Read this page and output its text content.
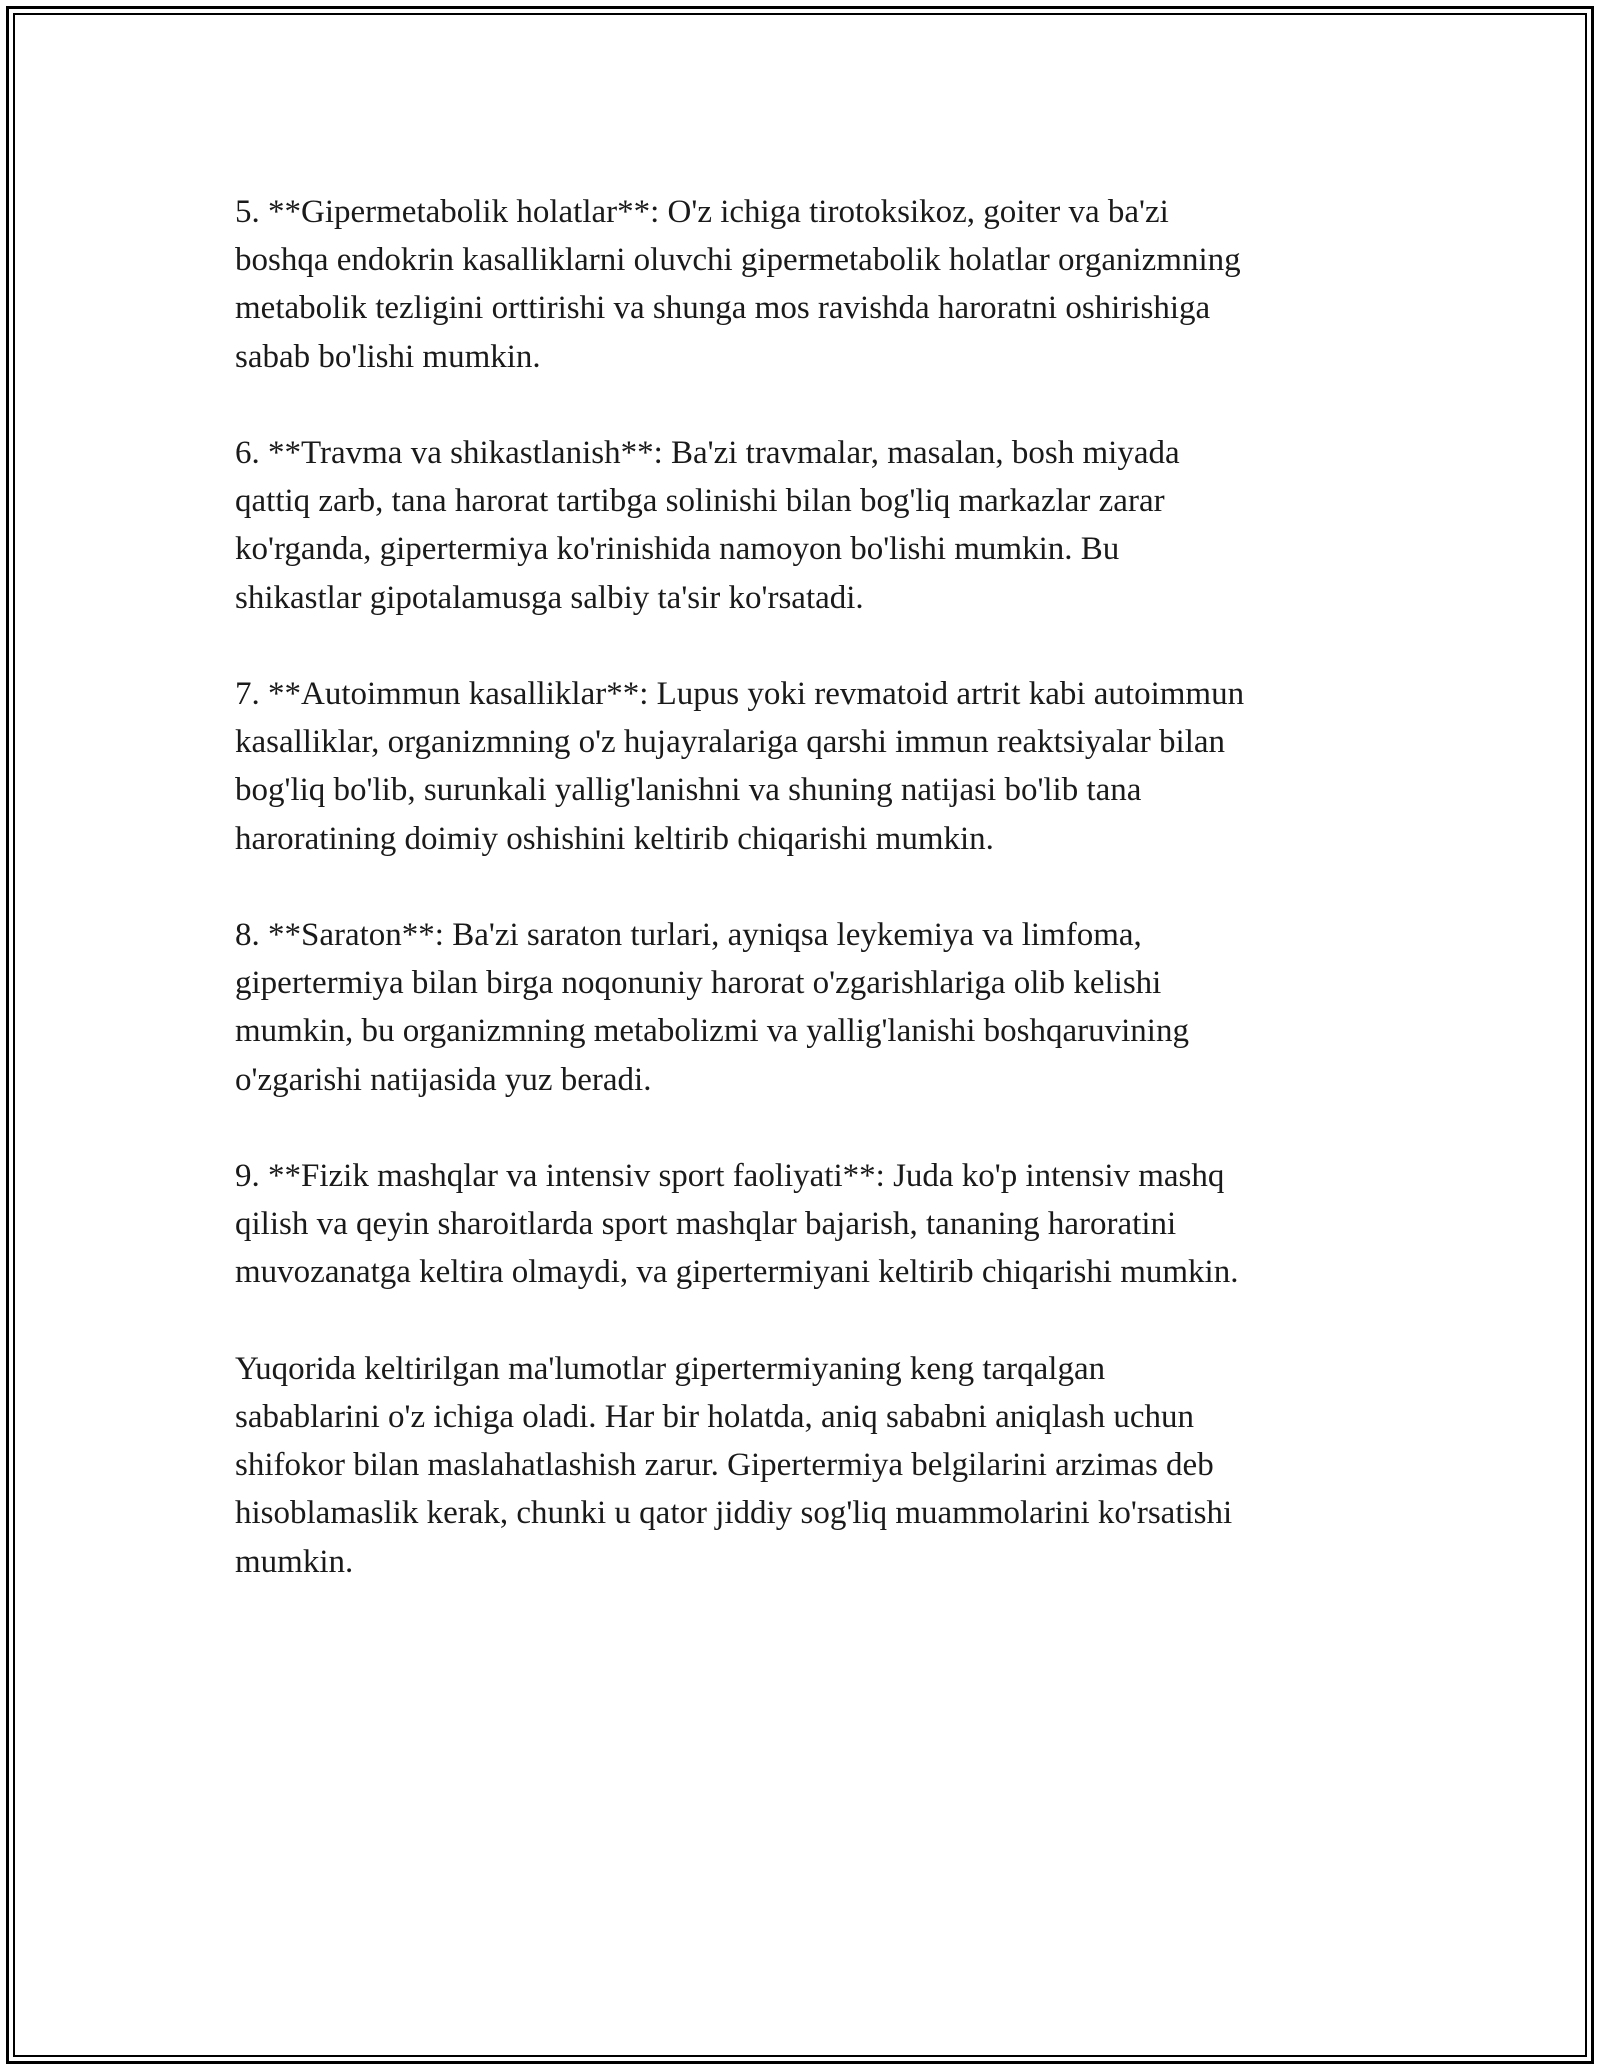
5. **Gipermetabolik holatlar**: O'z ichiga tirotoksikoz, goiter va ba'zi
boshqa endokrin kasalliklarni oluvchi gipermetabolik holatlar organizmning
metabolik tezligini orttirishi va shunga mos ravishda haroratni oshirishiga
sabab bo'lishi mumkin.

6. **Travma va shikastlanish**: Ba'zi travmalar, masalan, bosh miyada
qattiq zarb, tana harorat tartibga solinishi bilan bog'liq markazlar zarar
ko'rganda, gipertermiya ko'rinishida namoyon bo'lishi mumkin. Bu
shikastlar gipotalamusga salbiy ta'sir ko'rsatadi.

7. **Autoimmun kasalliklar**: Lupus yoki revmatoid artrit kabi autoimmun
kasalliklar, organizmning o'z hujayralariga qarshi immun reaktsiyalar bilan
bog'liq bo'lib, surunkali yallig'lanishni va shuning natijasi bo'lib tana
haroratining doimiy oshishini keltirib chiqarishi mumkin.

8. **Saraton**: Ba'zi saraton turlari, ayniqsa leykemiya va limfoma,
gipertermiya bilan birga noqonuniy harorat o'zgarishlariga olib kelishi
mumkin, bu organizmning metabolizmi va yallig'lanishi boshqaruvining
o'zgarishi natijasida yuz beradi.

9. **Fizik mashqlar va intensiv sport faoliyati**: Juda ko'p intensiv mashq
qilish va qeyin sharoitlarda sport mashqlar bajarish, tananing haroratini
muvozanatga keltira olmaydi, va gipertermiyani keltirib chiqarishi mumkin.

Yuqorida keltirilgan ma'lumotlar gipertermiyaning keng tarqalgan
sabablarini o'z ichiga oladi. Har bir holatda, aniq sababni aniqlash uchun
shifokor bilan maslahatlashish zarur. Gipertermiya belgilarini arzimas deb
hisoblamaslik kerak, chunki u qator jiddiy sog'liq muammolarini ko'rsatishi
mumkin.
